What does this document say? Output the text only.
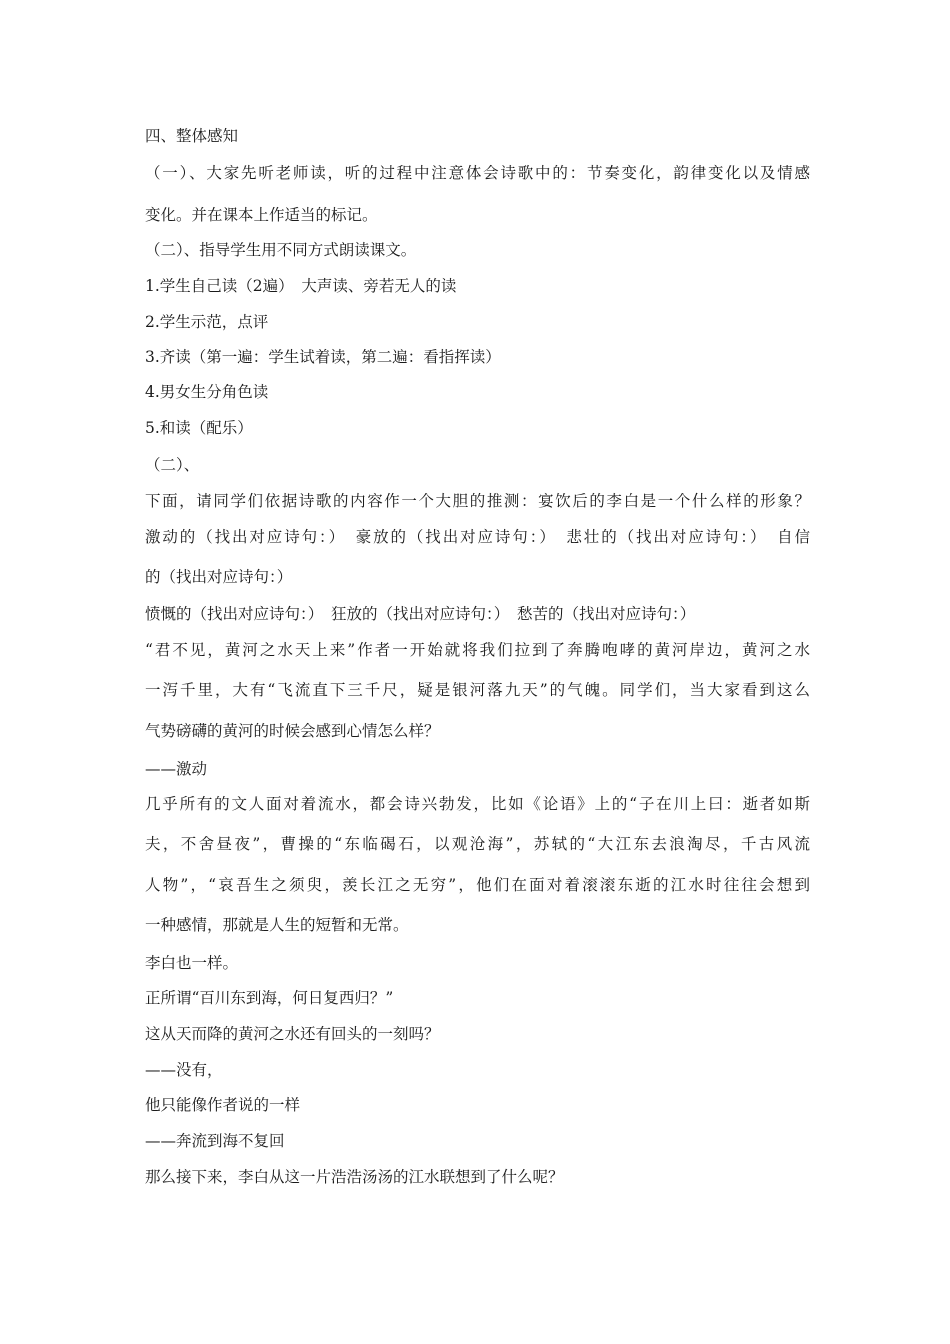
四、整体感知
（一）、大家先听老师读，听的过程中注意体会诗歌中的：节奏变化，韵律变化以及情感
变化。并在课本上作适当的标记。
（二）、指导学生用不同方式朗读课文。
1.学生自己读（2遍）　大声读、旁若无人的读
2.学生示范，点评
3.齐读（第一遍：学生试着读，第二遍：看指挥读）
4.男女生分角色读
5.和读（配乐）
（二）、
下面，请同学们依据诗歌的内容作一个大胆的推测：宴饮后的李白是一个什么样的形象？
激动的（找出对应诗句：）　豪放的（找出对应诗句：）　悲壮的（找出对应诗句：）　自信
的（找出对应诗句：）
愤慨的（找出对应诗句：）　狂放的（找出对应诗句：）　愁苦的（找出对应诗句：）
“君不见，黄河之水天上来”作者一开始就将我们拉到了奔腾咆哮的黄河岸边，黄河之水
一泻千里，大有“飞流直下三千尺，疑是银河落九天”的气魄。同学们，当大家看到这么
气势磅礴的黄河的时候会感到心情怎么样？
——激动
几乎所有的文人面对着流水，都会诗兴勃发，比如《论语》上的“子在川上曰：逝者如斯
夫，不舍昼夜”，曹操的“东临碣石，以观沧海”，苏轼的“大江东去浪淘尽，千古风流
人物”，“哀吾生之须臾，羡长江之无穷”，他们在面对着滚滚东逝的江水时往往会想到
一种感情，那就是人生的短暂和无常。
李白也一样。
正所谓“百川东到海，何日复西归？”
这从天而降的黄河之水还有回头的一刻吗？
——没有，
他只能像作者说的一样
——奔流到海不复回
那么接下来，李白从这一片浩浩汤汤的江水联想到了什么呢？
